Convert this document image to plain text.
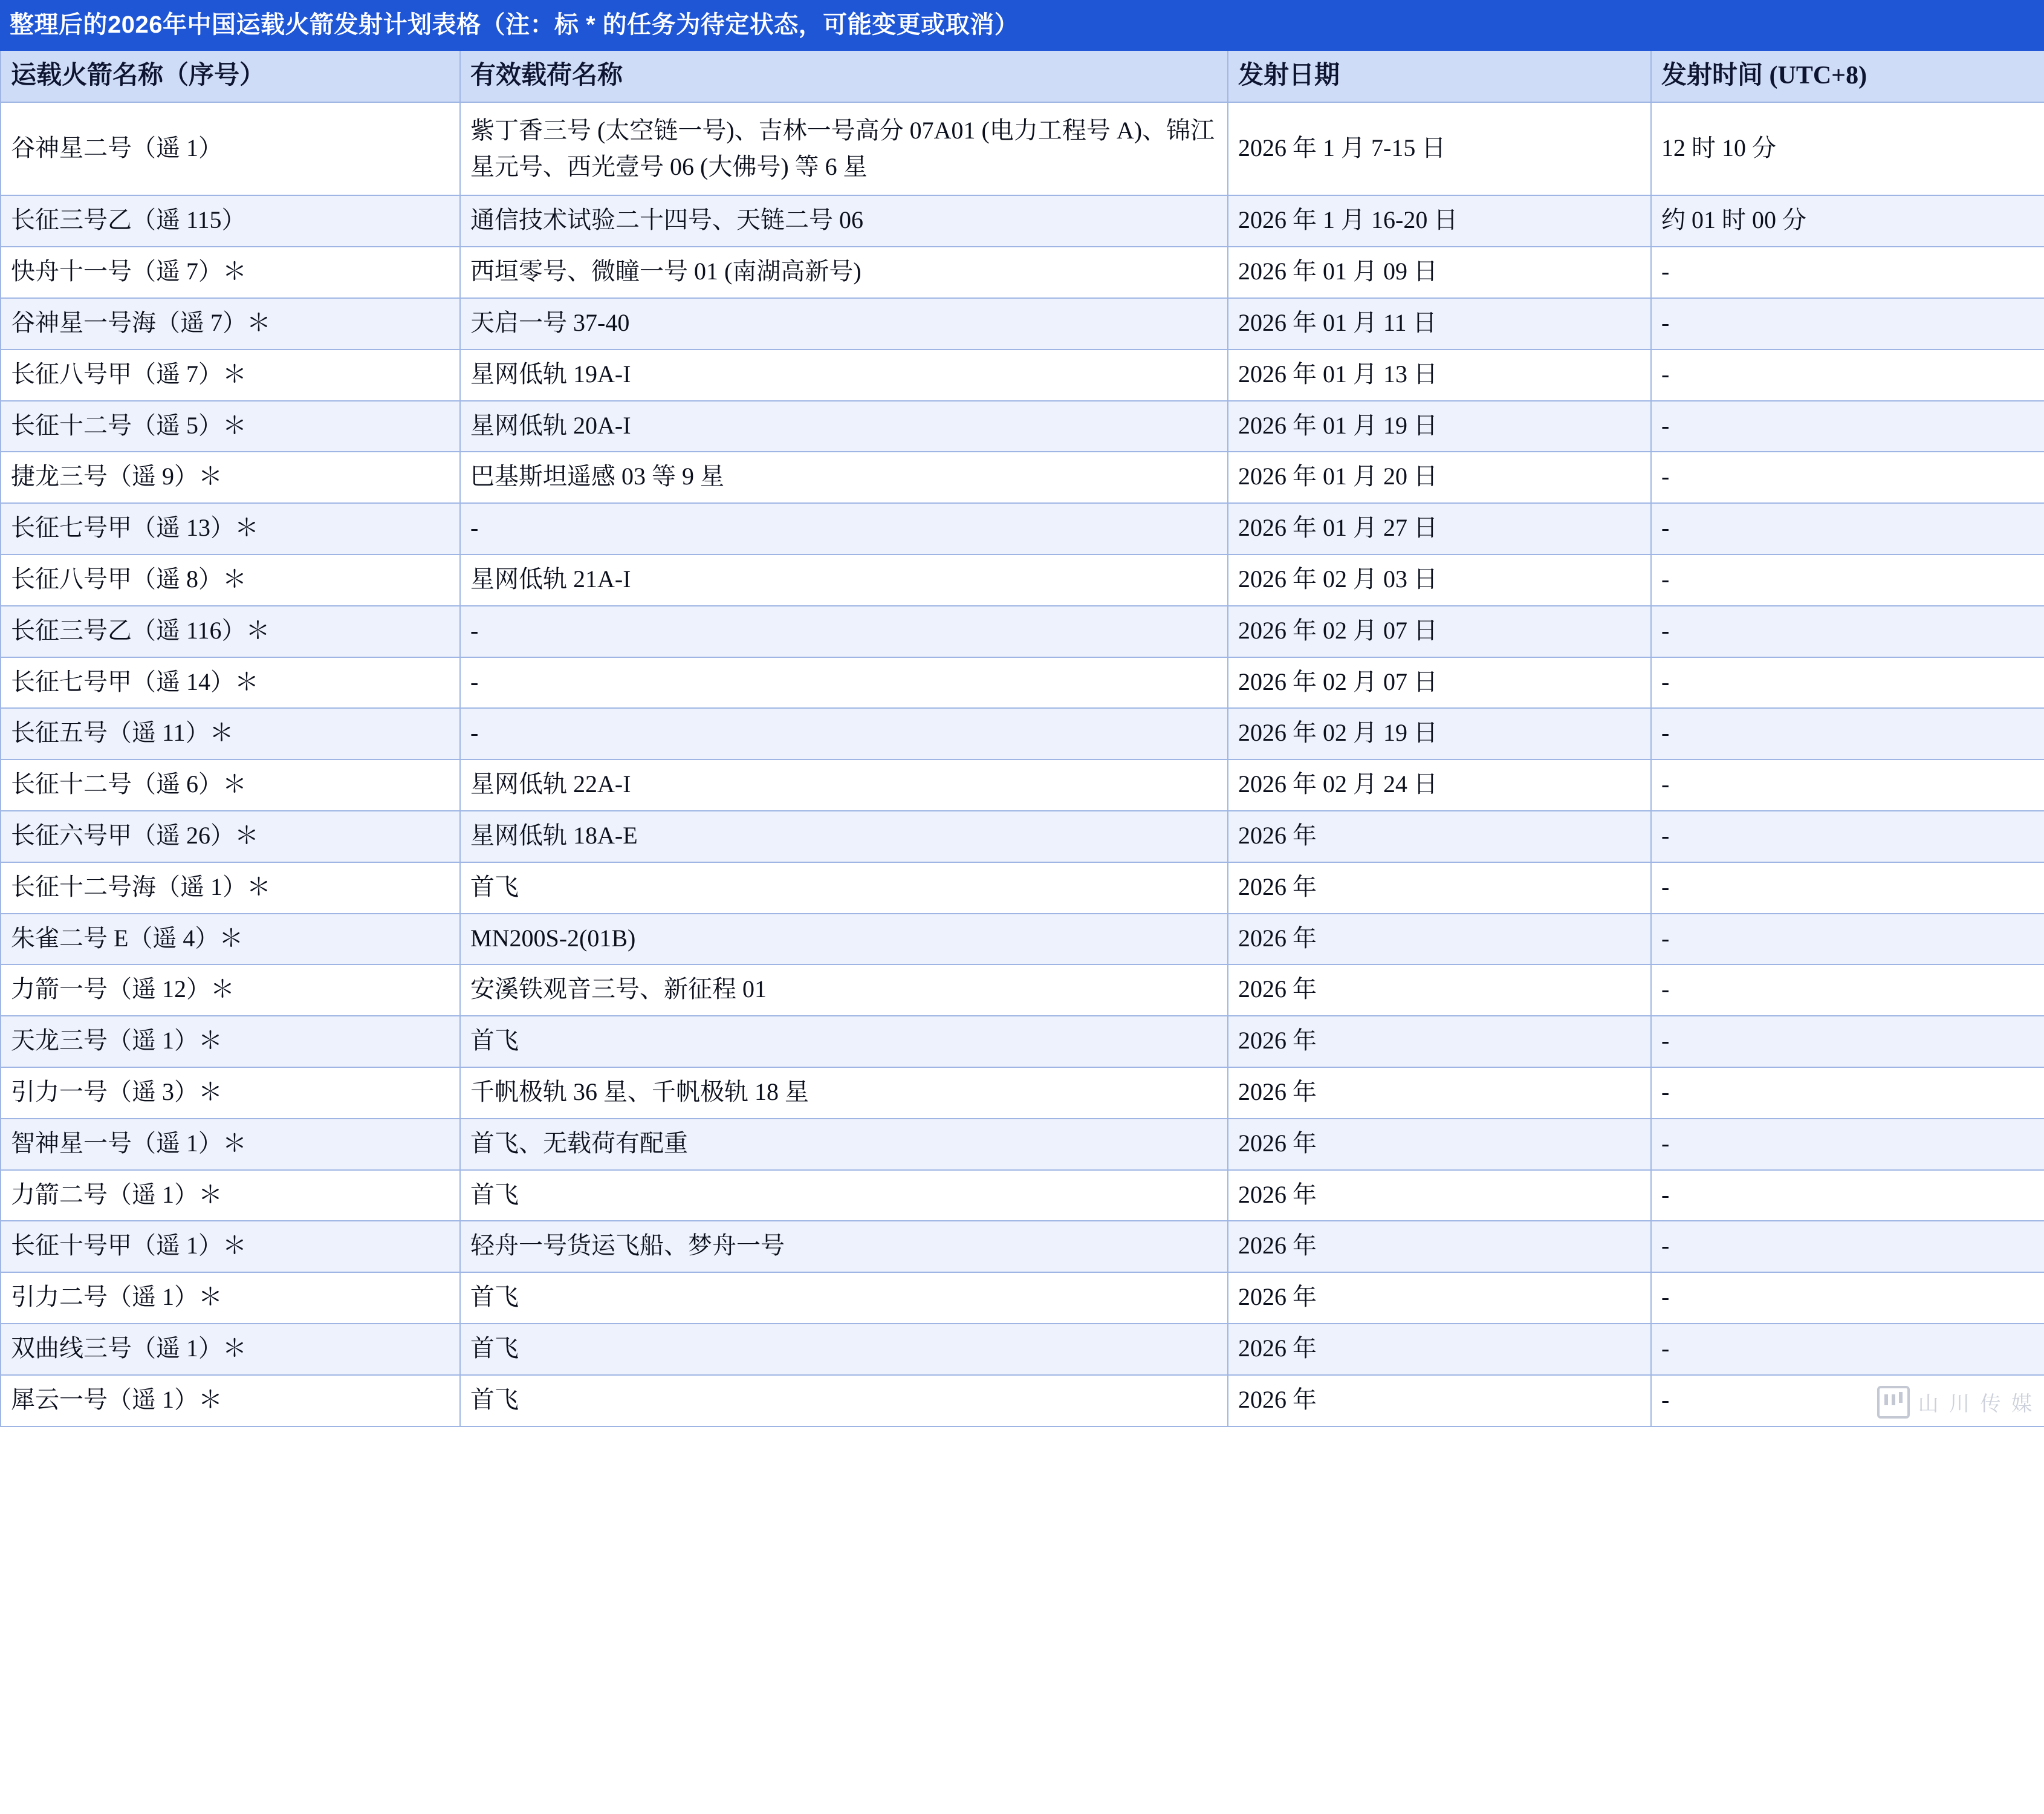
整理后的2026年中国运载火箭发射计划表格（注：标 * 的任务为待定状态，可能变更或取消）			
运载火箭名称（序号）	有效载荷名称	发射日期	发射时间 (UTC+8)
谷神星二号（遥 1）	紫丁香三号 (太空链一号)、吉林一号高分 07A01 (电力工程号 A)、锦江星元号、西光壹号 06 (大佛号) 等 6 星	2026 年 1 月 7-15 日	12 时 10 分
长征三号乙（遥 115）	通信技术试验二十四号、天链二号 06	2026 年 1 月 16-20 日	约 01 时 00 分
快舟十一号（遥 7）＊	西垣零号、微瞳一号 01 (南湖高新号)	2026 年 01 月 09 日	-
谷神星一号海（遥 7）＊	天启一号 37-40	2026 年 01 月 11 日	-
长征八号甲（遥 7）＊	星网低轨 19A-I	2026 年 01 月 13 日	-
长征十二号（遥 5）＊	星网低轨 20A-I	2026 年 01 月 19 日	-
捷龙三号（遥 9）＊	巴基斯坦遥感 03 等 9 星	2026 年 01 月 20 日	-
长征七号甲（遥 13）＊	-	2026 年 01 月 27 日	-
长征八号甲（遥 8）＊	星网低轨 21A-I	2026 年 02 月 03 日	-
长征三号乙（遥 116）＊	-	2026 年 02 月 07 日	-
长征七号甲（遥 14）＊	-	2026 年 02 月 07 日	-
长征五号（遥 11）＊	-	2026 年 02 月 19 日	-
长征十二号（遥 6）＊	星网低轨 22A-I	2026 年 02 月 24 日	-
长征六号甲（遥 26）＊	星网低轨 18A-E	2026 年	-
长征十二号海（遥 1）＊	首飞	2026 年	-
朱雀二号 E（遥 4）＊	MN200S-2(01B)	2026 年	-
力箭一号（遥 12）＊	安溪铁观音三号、新征程 01	2026 年	-
天龙三号（遥 1）＊	首飞	2026 年	-
引力一号（遥 3）＊	千帆极轨 36 星、千帆极轨 18 星	2026 年	-
智神星一号（遥 1）＊	首飞、无载荷有配重	2026 年	-
力箭二号（遥 1）＊	首飞	2026 年	-
长征十号甲（遥 1）＊	轻舟一号货运飞船、梦舟一号	2026 年	-
引力二号（遥 1）＊	首飞	2026 年	-
双曲线三号（遥 1）＊	首飞	2026 年	-
犀云一号（遥 1）＊	首飞	2026 年	-	山 川 传 媒
